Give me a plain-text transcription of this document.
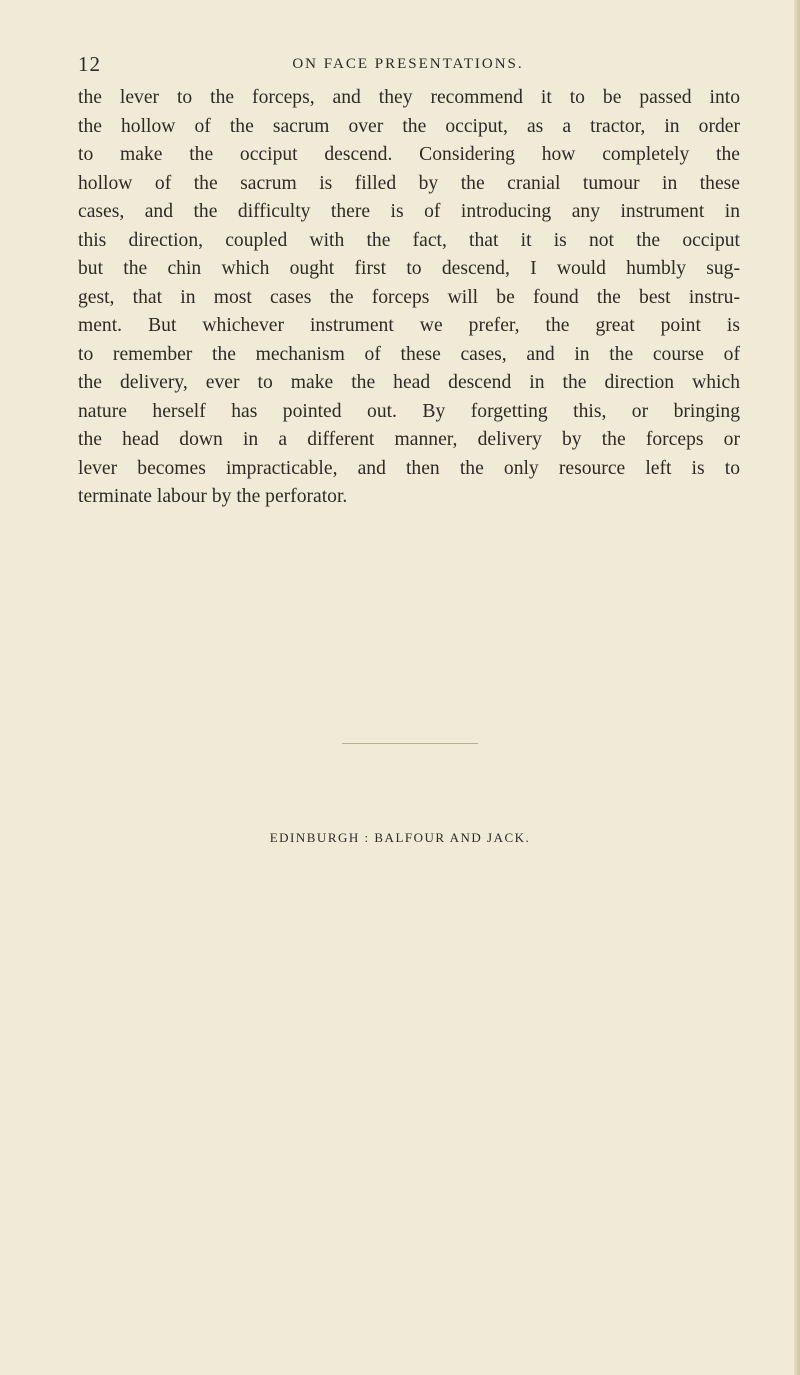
12	ON FACE PRESENTATIONS.

the lever to the forceps, and they recommend it to be passed into
the hollow of the sacrum over the occiput, as a tractor, in order
to make the occiput descend. Considering how completely the
hollow of the sacrum is filled by the cranial tumour in these
cases, and the difficulty there is of introducing any instrument in
this direction, coupled with the fact, that it is not the occiput
but the chin which ought first to descend, I would humbly sug-
gest, that in most cases the forceps will be found the best instru-
ment. But whichever instrument we prefer, the great point is
to remember the mechanism of these cases, and in the course of
the delivery, ever to make the head descend in the direction which
nature herself has pointed out. By forgetting this, or bringing
the head down in a different manner, delivery by the forceps or
lever becomes impracticable, and then the only resource left is to
terminate labour by the perforator.

EDINBURGH : BALFOUR AND JACK.
